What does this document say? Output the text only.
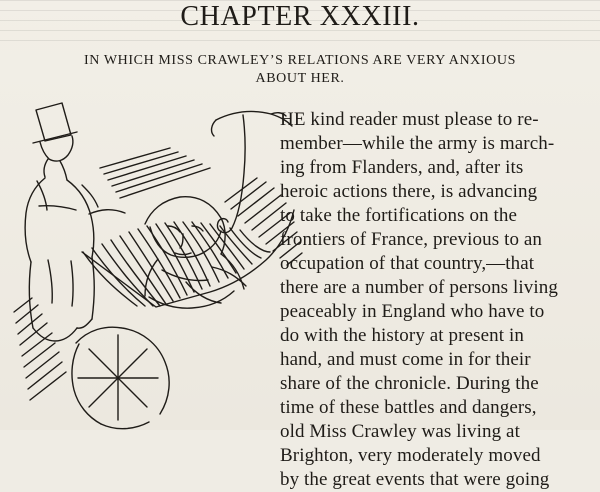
CHAPTER XXXIII.
IN WHICH MISS CRAWLEY’S RELATIONS ARE VERY ANXIOUS
ABOUT HER.
HE kind reader must please to re-
member—while the army is march-
ing from Flanders, and, after its
heroic actions there, is advancing
to take the fortifications on the
frontiers of France, previous to an
occupation of that country,—that
there are a number of persons living
peaceably in England who have to
do with the history at present in
hand, and must come in for their
share of the chronicle. During the
time of these battles and dangers,
old Miss Crawley was living at
Brighton, very moderately moved
by the great events that were going
